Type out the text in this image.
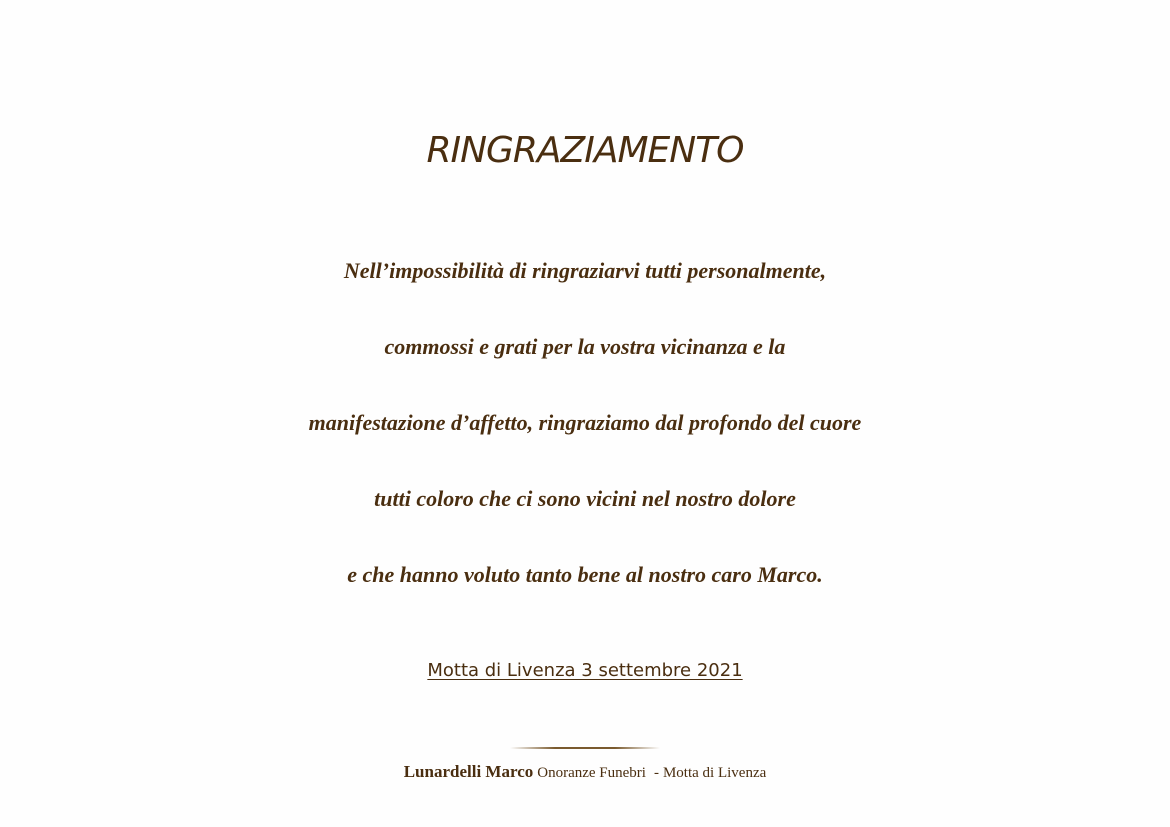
RINGRAZIAMENTO
Nell’impossibilità di ringraziarvi tutti personalmente,
commossi e grati per la vostra vicinanza e la
manifestazione d’affetto, ringraziamo dal profondo del cuore
tutti coloro che ci sono vicini nel nostro dolore
e che hanno voluto tanto bene al nostro caro Marco.
Motta di Livenza 3 settembre 2021
Lunardelli Marco Onoranze Funebri - Motta di Livenza
